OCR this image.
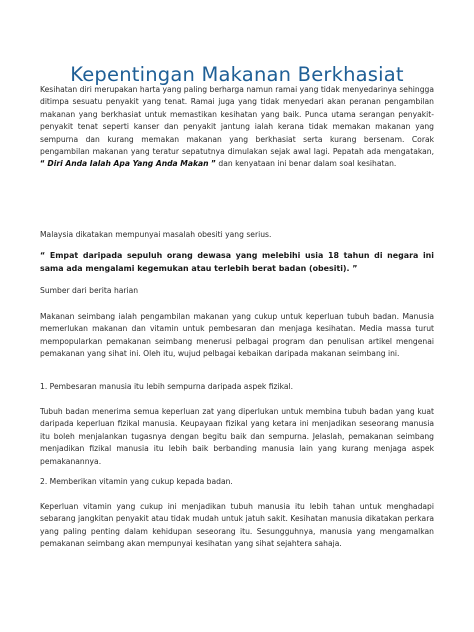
Kepentingan Makanan Berkhasiat

Kesihatan diri merupakan harta yang paling berharga namun ramai yang tidak menyedarinya sehingga ditimpa sesuatu penyakit yang tenat. Ramai juga yang tidak menyedari akan peranan pengambilan makanan yang berkhasiat untuk memastikan kesihatan yang baik. Punca utama serangan penyakit-penyakit tenat seperti kanser dan penyakit jantung ialah kerana tidak memakan makanan yang sempurna dan kurang memakan makanan yang berkhasiat serta kurang bersenam. Corak pengambilan makanan yang teratur sepatutnya dimulakan sejak awal lagi. Pepatah ada mengatakan, “ Diri Anda Ialah Apa Yang Anda Makan ” dan kenyataan ini benar dalam soal kesihatan.

Malaysia dikatakan mempunyai masalah obesiti yang serius.

“ Empat daripada sepuluh orang dewasa yang melebihi usia 18 tahun di negara ini sama ada mengalami kegemukan atau terlebih berat badan (obesiti). ”

Sumber dari berita harian

Makanan seimbang ialah pengambilan makanan yang cukup untuk keperluan tubuh badan. Manusia memerlukan makanan dan vitamin untuk pembesaran dan menjaga kesihatan. Media massa turut mempopularkan pemakanan seimbang menerusi pelbagai program dan penulisan artikel mengenai pemakanan yang sihat ini. Oleh itu, wujud pelbagai kebaikan daripada makanan seimbang ini.

1. Pembesaran manusia itu lebih sempurna daripada aspek fizikal.

Tubuh badan menerima semua keperluan zat yang diperlukan untuk membina tubuh badan yang kuat daripada keperluan fizikal manusia. Keupayaan fizikal yang ketara ini menjadikan seseorang manusia itu boleh menjalankan tugasnya dengan begitu baik dan sempurna. Jelaslah, pemakanan seimbang menjadikan fizikal manusia itu lebih baik berbanding manusia lain yang kurang menjaga aspek pemakanannya.

2. Memberikan vitamin yang cukup kepada badan.

Keperluan vitamin yang cukup ini menjadikan tubuh manusia itu lebih tahan untuk menghadapi sebarang jangkitan penyakit atau tidak mudah untuk jatuh sakit. Kesihatan manusia dikatakan perkara yang paling penting dalam kehidupan seseorang itu. Sesungguhnya, manusia yang mengamalkan pemakanan seimbang akan mempunyai kesihatan yang sihat sejahtera sahaja.
